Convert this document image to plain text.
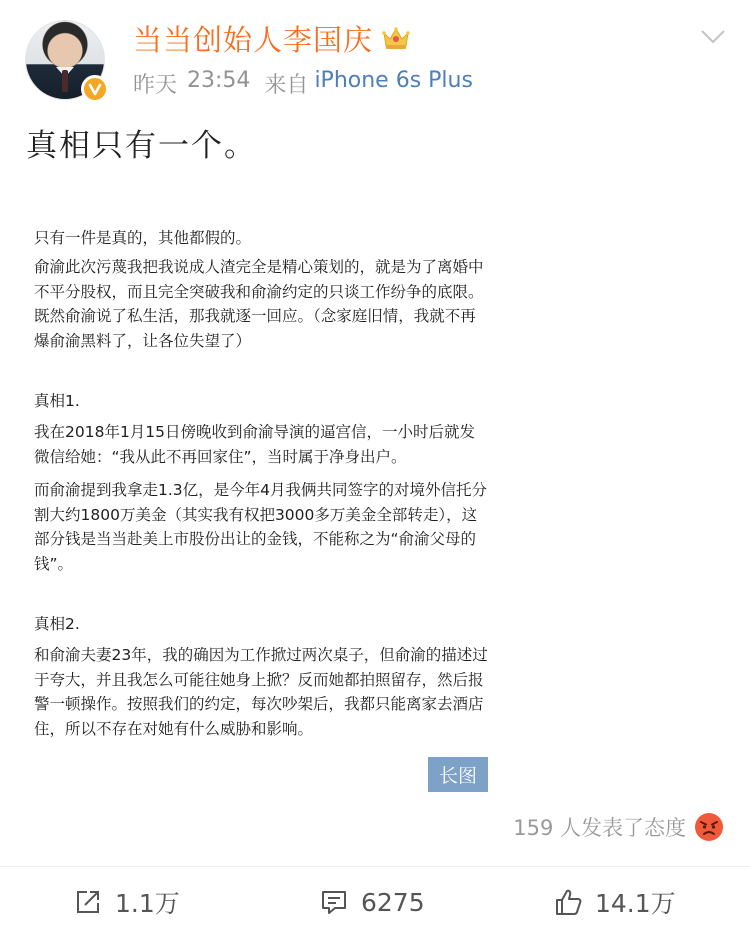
当当创始人李国庆
昨天 23:54 来自 iPhone 6s Plus
真相只有一个。

只有一件是真的，其他都假的。

俞渝此次污蔑我把我说成人渣完全是精心策划的，就是为了离婚中不平分股权，而且完全突破我和俞渝约定的只谈工作纷争的底限。既然俞渝说了私生活，那我就逐一回应。（念家庭旧情，我就不再爆俞渝黑料了，让各位失望了）

真相1.

我在2018年1月15日傍晚收到俞渝导演的逼宫信，一小时后就发微信给她：“我从此不再回家住”，当时属于净身出户。

而俞渝提到我拿走1.3亿，是今年4月我俩共同签字的对境外信托分割大约1800万美金（其实我有权把3000多万美金全部转走），这部分钱是当当赴美上市股份出让的金钱，不能称之为“俞渝父母的钱”。

真相2.

和俞渝夫妻23年，我的确因为工作掀过两次桌子，但俞渝的描述过于夸大，并且我怎么可能往她身上掀？反而她都拍照留存，然后报警一顿操作。按照我们的约定，每次吵架后，我都只能离家去酒店住，所以不存在对她有什么威胁和影响。

长图
159 人发表了态度
1.1万	6275	14.1万
